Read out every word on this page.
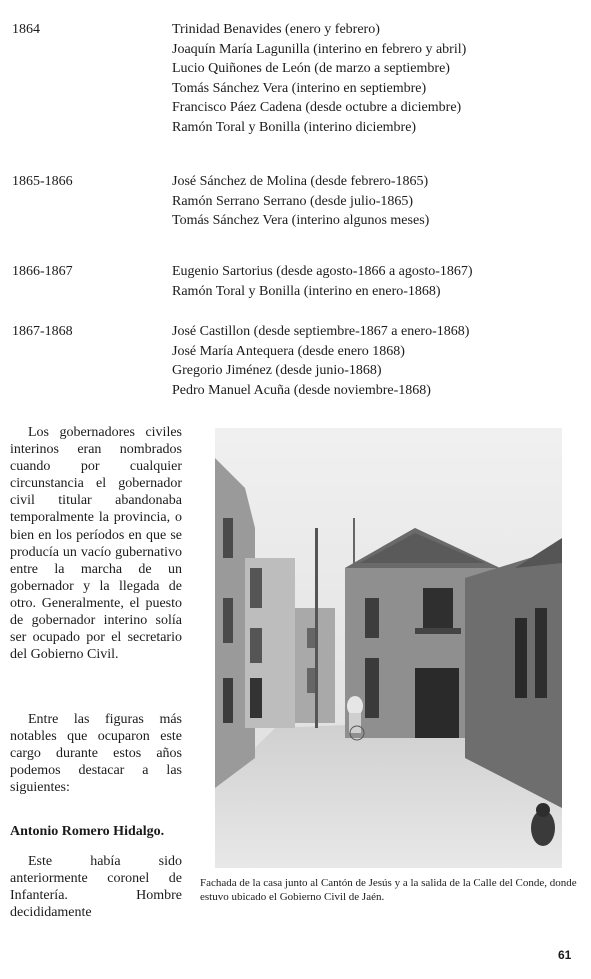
1864	Trinidad Benavides (enero y febrero)
Joaquín María Lagunilla (interino en febrero y abril)
Lucio Quiñones de León (de marzo a septiembre)
Tomás Sánchez Vera (interino en septiembre)
Francisco Páez Cadena (desde octubre a diciembre)
Ramón Toral y Bonilla (interino diciembre)
1865-1866	José Sánchez de Molina (desde febrero-1865)
Ramón Serrano Serrano (desde julio-1865)
Tomás Sánchez Vera (interino algunos meses)
1866-1867	Eugenio Sartorius (desde agosto-1866 a agosto-1867)
Ramón Toral y Bonilla (interino en enero-1868)
1867-1868	José Castillon (desde septiembre-1867 a enero-1868)
José María Antequera (desde enero 1868)
Gregorio Jiménez (desde junio-1868)
Pedro Manuel Acuña (desde noviembre-1868)

Los gobernadores civiles interinos eran nombrados cuando por cualquier circunstancia el gobernador civil titular abandonaba temporalmente la provincia, o bien en los períodos en que se producía un vacío gubernativo entre la marcha de un gobernador y la llegada de otro. Generalmente, el puesto de gobernador interino solía ser ocupado por el secretario del Gobierno Civil.

Entre las figuras más notables que ocuparon este cargo durante estos años podemos destacar a las siguientes:

Antonio Romero Hidalgo.

Este había sido anteriormente coronel de Infantería. Hombre decididamente

Fachada de la casa junto al Cantón de Jesús y a la salida de la Calle del Conde, donde estuvo ubicado el Gobierno Civil de Jaén.

61
